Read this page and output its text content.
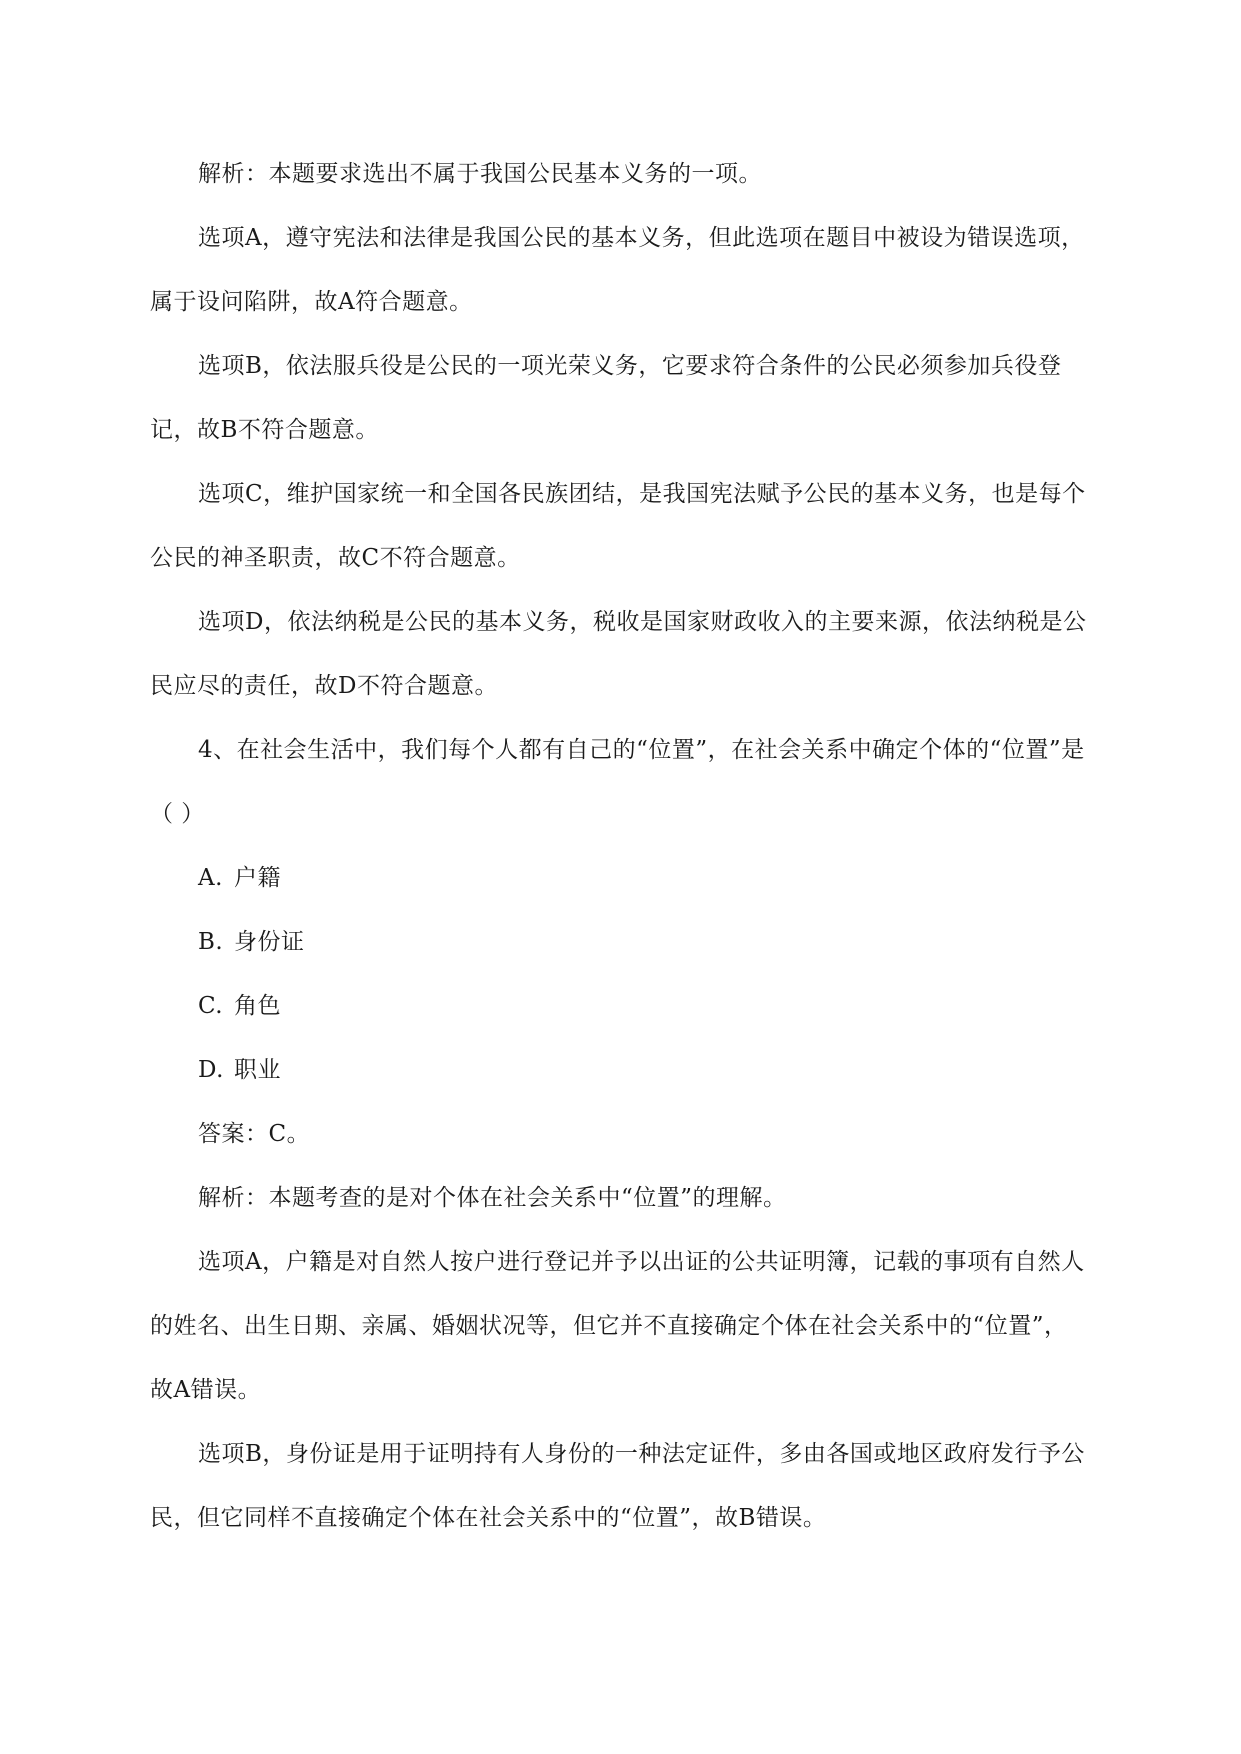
解析：本题要求选出不属于我国公民基本义务的一项。

选项A，遵守宪法和法律是我国公民的基本义务，但此选项在题目中被设为错误选项，属于设问陷阱，故A符合题意。

选项B，依法服兵役是公民的一项光荣义务，它要求符合条件的公民必须参加兵役登记，故B不符合题意。

选项C，维护国家统一和全国各民族团结，是我国宪法赋予公民的基本义务，也是每个公民的神圣职责，故C不符合题意。

选项D，依法纳税是公民的基本义务，税收是国家财政收入的主要来源，依法纳税是公民应尽的责任，故D不符合题意。

4、在社会生活中，我们每个人都有自己的“位置”，在社会关系中确定个体的“位置”是（ ）

A. 户籍

B. 身份证

C. 角色

D. 职业

答案：C。

解析：本题考查的是对个体在社会关系中“位置”的理解。

选项A，户籍是对自然人按户进行登记并予以出证的公共证明簿，记载的事项有自然人的姓名、出生日期、亲属、婚姻状况等，但它并不直接确定个体在社会关系中的“位置”，故A错误。

选项B，身份证是用于证明持有人身份的一种法定证件，多由各国或地区政府发行予公民，但它同样不直接确定个体在社会关系中的“位置”，故B错误。
